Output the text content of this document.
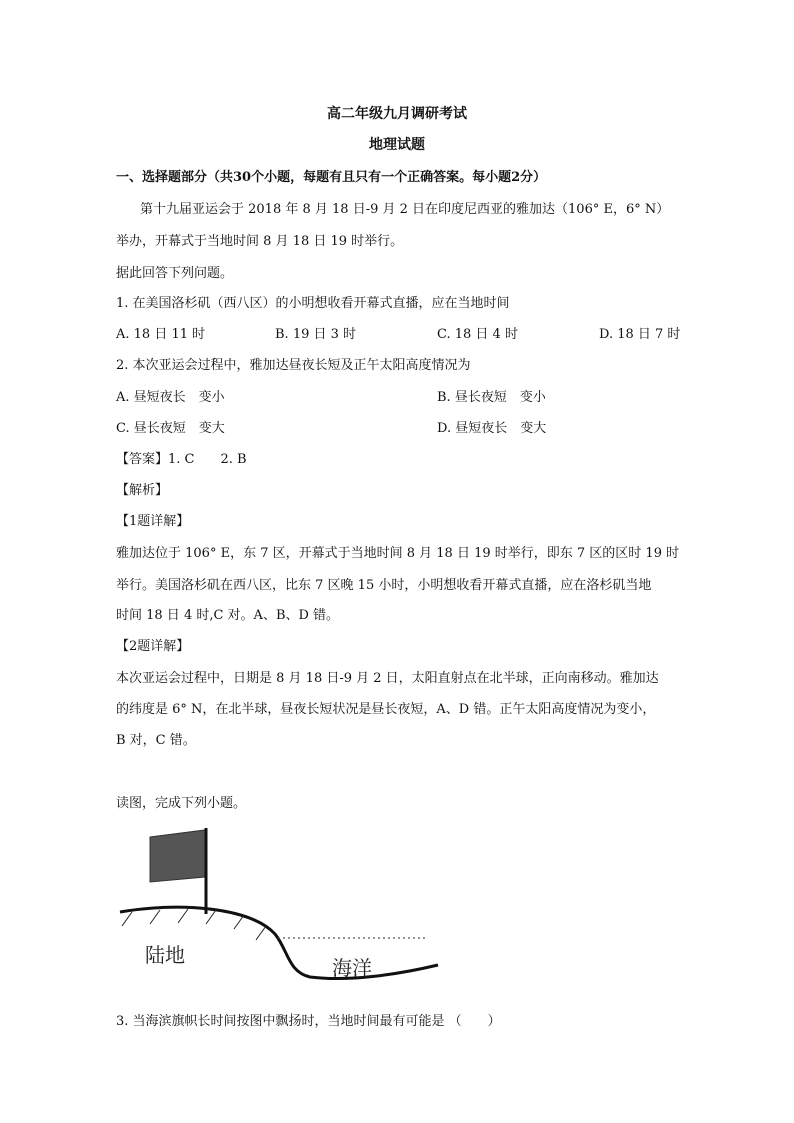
高二年级九月调研考试
地理试题
一、选择题部分（共30个小题，每题有且只有一个正确答案。每小题2分）
第十九届亚运会于 2018 年 8 月 18 日-9 月 2 日在印度尼西亚的雅加达（106° E，6° N）
举办，开幕式于当地时间 8 月 18 日 19 时举行。
据此回答下列问题。
1. 在美国洛杉矶（西八区）的小明想收看开幕式直播，应在当地时间
A. 18 日 11 时	B. 19 日 3 时	C. 18 日 4 时	D. 18 日 7 时
2. 本次亚运会过程中，雅加达昼夜长短及正午太阳高度情况为
A. 昼短夜长　变小	B. 昼长夜短　变小
C. 昼长夜短　变大	D. 昼短夜长　变大
【答案】1. C　　2. B
【解析】
【1题详解】
雅加达位于 106° E，东 7 区，开幕式于当地时间 8 月 18 日 19 时举行，即东 7 区的区时 19 时
举行。美国洛杉矶在西八区，比东 7 区晚 15 小时，小明想收看开幕式直播，应在洛杉矶当地
时间 18 日 4 时,C 对。A、B、D 错。
【2题详解】
本次亚运会过程中，日期是 8 月 18 日-9 月 2 日，太阳直射点在北半球，正向南移动。雅加达
的纬度是 6° N，在北半球，昼夜长短状况是昼长夜短，A、D 错。正午太阳高度情况为变小，
B 对，C 错。
读图，完成下列小题。
陆地
海洋
3. 当海滨旗帜长时间按图中飘扬时，当地时间最有可能是 （　　）
